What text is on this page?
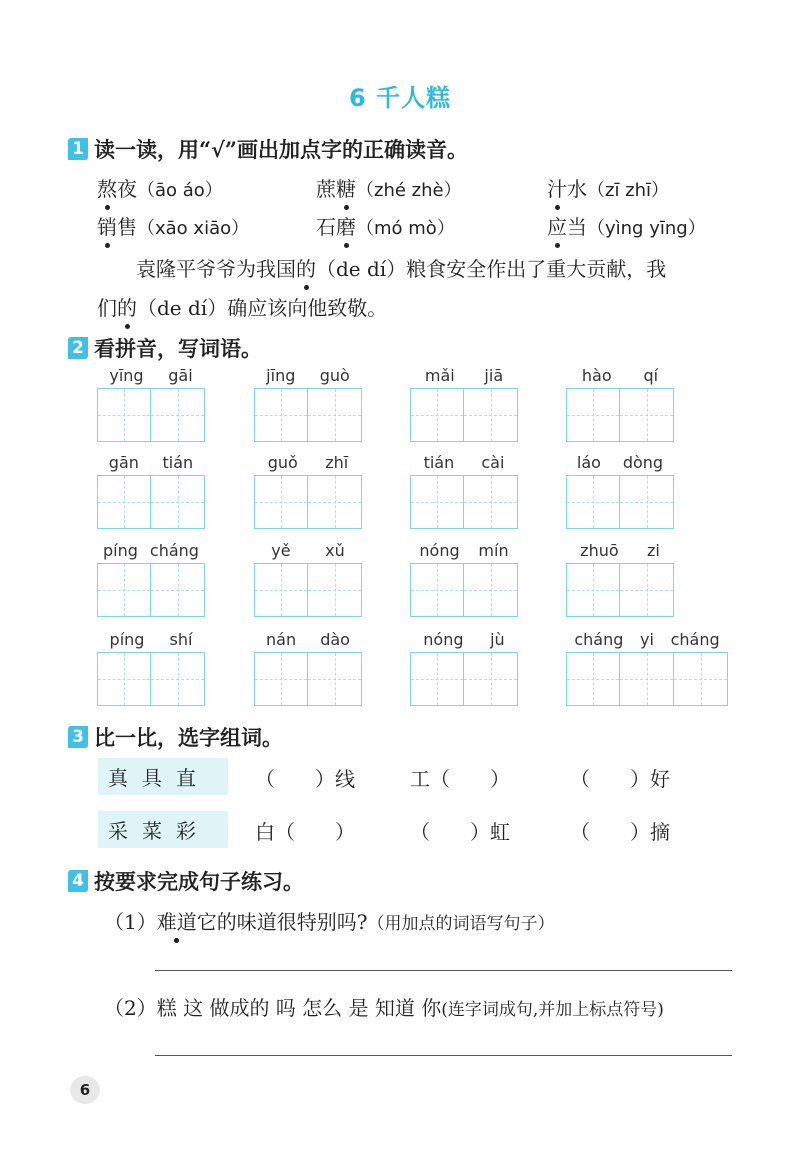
6 千人糕
1 读一读，用“√”画出加点字的正确读音。
熬夜（āo áo）	蔗糖（zhé zhè）	汁水（zī zhī）
销售（xāo xiāo）	石磨（mó mò）	应当（yìng yīng）
袁隆平爷爷为我国的（de dí）粮食安全作出了重大贡献，我
们的（de dí）确应该向他致敬。
2 看拼音，写词语。
yīng gāi	jīng guò	mǎi jiā	hào qí
gān tián	guǒ zhī	tián cài	láo dòng
píng cháng	yě xǔ	nóng mín	zhuō zi
píng shí	nán dào	nóng jù	cháng yi cháng
3 比一比，选字组词。
真具直	（　　）线	工（　　）	（　　）好
采菜彩	白（　　）	（　　）虹	（　　）摘
4 按要求完成句子练习。
（1）难道它的味道很特别吗?（用加点的词语写句子）
（2）糕 这 做成的 吗 怎么 是 知道 你(连字词成句,并加上标点符号)
6
